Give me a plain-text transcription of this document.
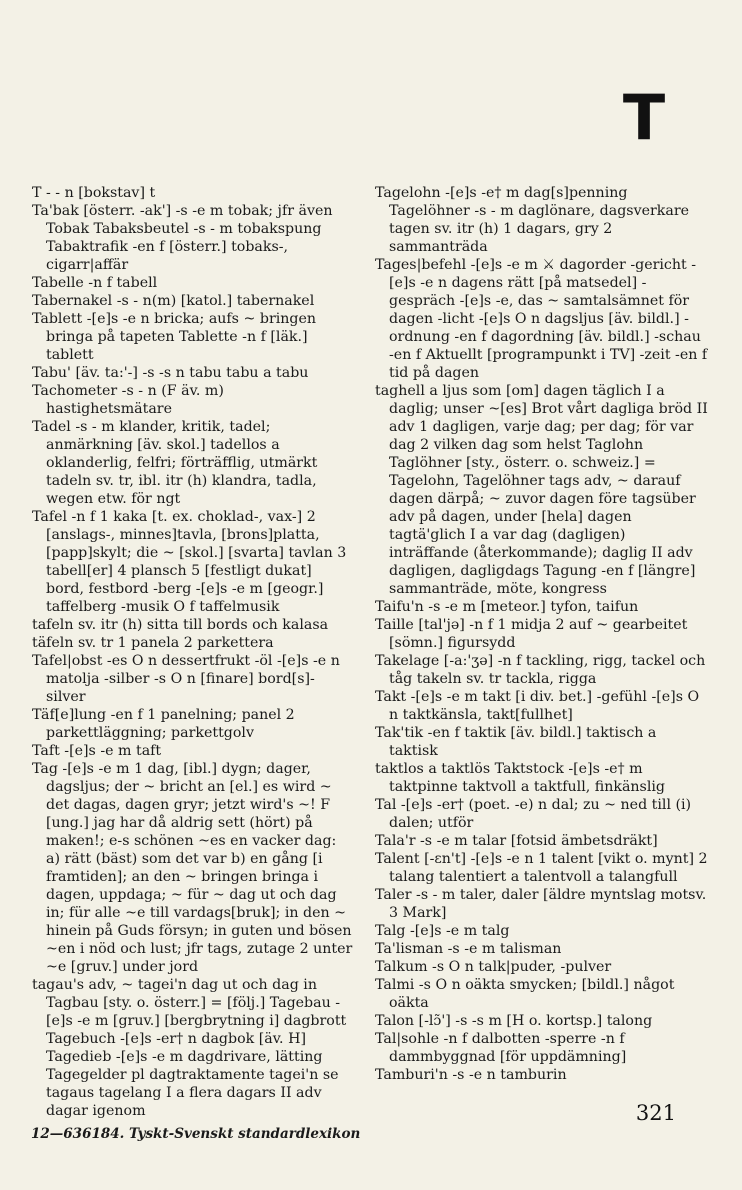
T
T - - n [bokstav] t
Ta'bak [österr. -ak'] -s -e m tobak; jfr även Tobak Tabaksbeutel -s - m tobakspung Tabaktrafik -en f [österr.] tobaks-, cigarr|affär
Tabelle -n f tabell
Tabernakel -s - n(m) [katol.] tabernakel
Tablett -[e]s -e n bricka; aufs ~ bringen bringa på tapeten Tablette -n f [läk.] tablett
Tabu' [äv. ta:'-] -s -s n tabu tabu a tabu
Tachometer -s - n (F äv. m) hastighetsmätare
Tadel -s - m klander, kritik, tadel; anmärkning [äv. skol.] tadellos a oklanderlig, felfri; förträfflig, utmärkt tadeln sv. tr, ibl. itr (h) klandra, tadla, wegen etw. för ngt
Tafel -n f 1 kaka [t. ex. choklad-, vax-] 2 [anslags-, minnes]tavla, [brons]platta, [papp]skylt; die ~ [skol.] [svarta] tavlan 3 tabell[er] 4 plansch 5 [festligt dukat] bord, festbord -berg -[e]s -e m [geogr.] taffelberg -musik O f taffelmusik
tafeln sv. itr (h) sitta till bords och kalasa
täfeln sv. tr 1 panela 2 parkettera
Tafel|obst -es O n dessertfrukt -öl -[e]s -e n matolja -silber -s O n [finare] bord[s]-silver
Täf[e]lung -en f 1 panelning; panel 2 parkettläggning; parkettgolv
Taft -[e]s -e m taft
Tag -[e]s -e m 1 dag, [ibl.] dygn; dager, dagsljus; der ~ bricht an [el.] es wird ~ det dagas, dagen gryr; jetzt wird's ~! F [ung.] jag har då aldrig sett (hört) på maken!; e-s schönen ~es en vacker dag: a) rätt (bäst) som det var b) en gång [i framtiden]; an den ~ bringen bringa i dagen, uppdaga; ~ für ~ dag ut och dag in; für alle ~e till vardags[bruk]; in den ~ hinein på Guds försyn; in guten und bösen ~en i nöd och lust; jfr tags, zutage 2 unter ~e [gruv.] under jord
tagau's adv, ~ tagei'n dag ut och dag in Tagbau [sty. o. österr.] = [följ.] Tagebau -[e]s -e m [gruv.] [bergbrytning i] dagbrott Tagebuch -[e]s -er† n dagbok [äv. H] Tagedieb -[e]s -e m dagdrivare, lätting Tagegelder pl dagtraktamente tagei'n se tagaus tagelang I a flera dagars II adv dagar igenom
Tagelohn -[e]s -e† m dag[s]penning Tagelöhner -s - m daglönare, dagsverkare tagen sv. itr (h) 1 dagars, gry 2 sammanträda
Tages|befehl -[e]s -e m ⚔ dagorder -gericht -[e]s -e n dagens rätt [på matsedel] -gespräch -[e]s -e, das ~ samtalsämnet för dagen -licht -[e]s O n dagsljus [äv. bildl.] -ordnung -en f dagordning [äv. bildl.] -schau -en f Aktuellt [programpunkt i TV] -zeit -en f tid på dagen
taghell a ljus som [om] dagen täglich I a daglig; unser ~[es] Brot vårt dagliga bröd II adv 1 dagligen, varje dag; per dag; för var dag 2 vilken dag som helst Taglohn Taglöhner [sty., österr. o. schweiz.] = Tagelohn, Tagelöhner tags adv, ~ darauf dagen därpå; ~ zuvor dagen före tagsüber adv på dagen, under [hela] dagen tagtä'glich I a var dag (dagligen) inträffande (återkommande); daglig II adv dagligen, dagligdags Tagung -en f [längre] sammanträde, möte, kongress
Taifu'n -s -e m [meteor.] tyfon, taifun
Taille [tal'jə] -n f 1 midja 2 auf ~ gearbeitet [sömn.] figursydd
Takelage [-a:'ʒə] -n f tackling, rigg, tackel och tåg takeln sv. tr tackla, rigga
Takt -[e]s -e m takt [i div. bet.] -gefühl -[e]s O n taktkänsla, takt[fullhet]
Tak'tik -en f taktik [äv. bildl.] taktisch a taktisk
taktlos a taktlös Taktstock -[e]s -e† m taktpinne taktvoll a taktfull, finkänslig
Tal -[e]s -er† (poet. -e) n dal; zu ~ ned till (i) dalen; utför
Tala'r -s -e m talar [fotsid ämbetsdräkt]
Talent [-ɛn't] -[e]s -e n 1 talent [vikt o. mynt] 2 talang talentiert a talentvoll a talangfull
Taler -s - m taler, daler [äldre myntslag motsv. 3 Mark]
Talg -[e]s -e m talg
Ta'lisman -s -e m talisman
Talkum -s O n talk|puder, -pulver
Talmi -s O n oäkta smycken; [bildl.] något oäkta
Talon [-lɔ̃'] -s -s m [H o. kortsp.] talong
Tal|sohle -n f dalbotten -sperre -n f dammbyggnad [för uppdämning]
Tamburi'n -s -e n tamburin
321
12—636184. Tyskt-Svenskt standardlexikon
